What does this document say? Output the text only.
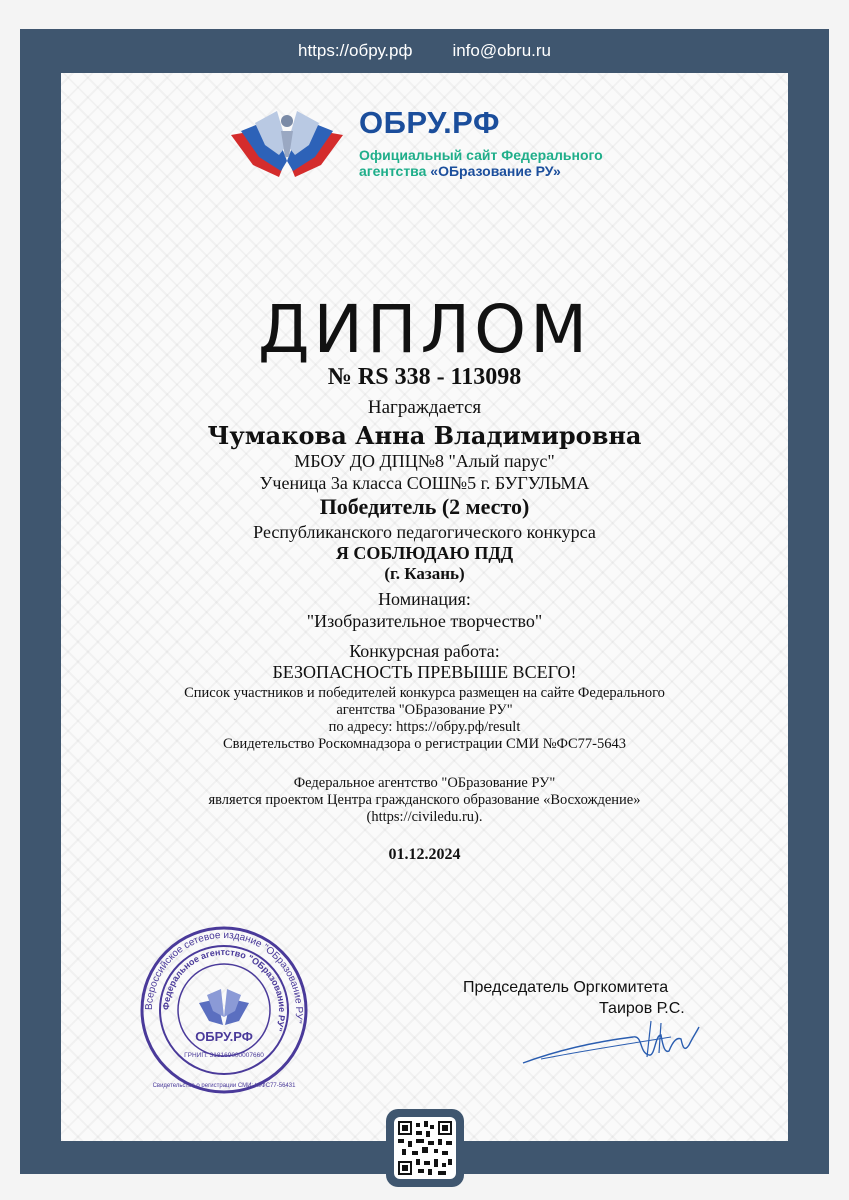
https://обру.рф info@obru.ru
ОБРУ.РФ
Официальный сайт Федерального
агентства «ОБразование РУ»
ДИПЛОМ
№ RS 338 - 113098
Награждается
Чумакова Анна Владимировна
МБОУ ДО ДПЦ№8 "Алый парус"
Ученица 3а класса СОШ№5 г. БУГУЛЬМА
Победитель (2 место)
Республиканского педагогического конкурса
Я СОБЛЮДАЮ ПДД
(г. Казань)
Номинация:
"Изобразительное творчество"
Конкурсная работа:
БЕЗОПАСНОСТЬ ПРЕВЫШЕ ВСЕГО!
Список участников и победителей конкурса размещен на сайте Федерального
агентства "ОБразование РУ"
по адресу: https://обру.рф/result
Свидетельство Роскомнадзора о регистрации СМИ №ФС77-5643
Федеральное агентство "ОБразование РУ"
является проектом Центра гражданского образование «Восхождение»
(https://civiledu.ru).
01.12.2024
Всероссийское сетевое издание "ОБразование РУ"
Федеральное агентство "ОБразование РУ"
ОБРУ.РФ
ГРНИП: 318169000007660
Свидетельство о регистрации СМИ: №ФС77-56431
Председатель Оргкомитета
Таиров Р.С.
